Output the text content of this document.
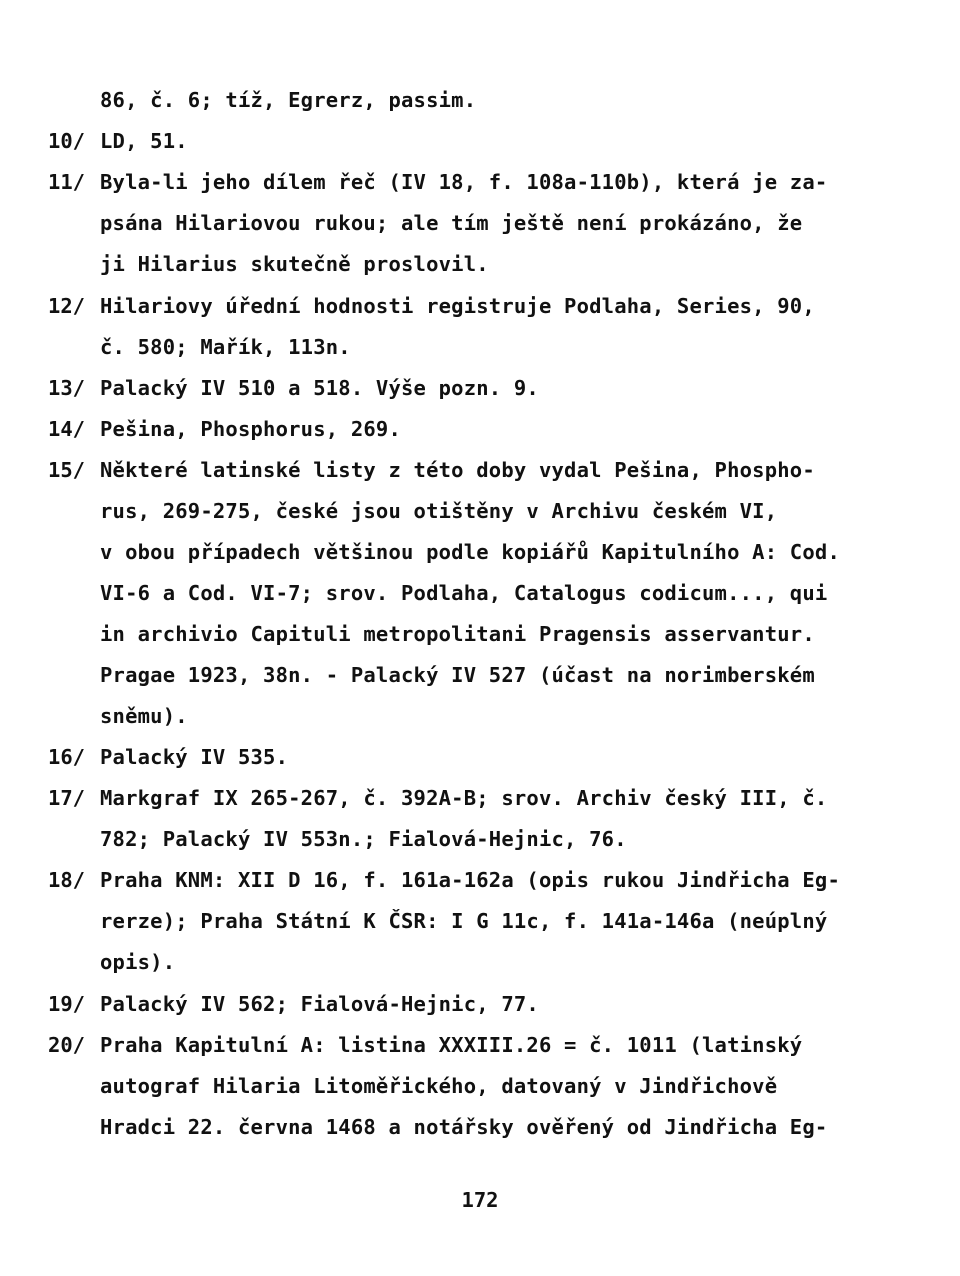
86, č. 6; tíž, Egrerz, passim.
10/ LD, 51.
11/ Byla-li jeho dílem řeč (IV 18, f. 108a-110b), která je za-
psána Hilariovou rukou; ale tím ještě není prokázáno, že
ji Hilarius skutečně proslovil.
12/ Hilariovy úřední hodnosti registruje Podlaha, Series, 90,
č. 580; Mařík, 113n.
13/ Palacký IV 510 a 518. Výše pozn. 9.
14/ Pešina, Phosphorus, 269.
15/ Některé latinské listy z této doby vydal Pešina, Phospho-
rus, 269-275, české jsou otištěny v Archivu českém VI,
v obou případech většinou podle kopiářů Kapitulního A: Cod.
VI-6 a Cod. VI-7; srov. Podlaha, Catalogus codicum..., qui
in archivio Capituli metropolitani Pragensis asservantur.
Pragae 1923, 38n. - Palacký IV 527 (účast na norimberském
sněmu).
16/ Palacký IV 535.
17/ Markgraf IX 265-267, č. 392A-B; srov. Archiv český III, č.
782; Palacký IV 553n.; Fialová-Hejnic, 76.
18/ Praha KNM: XII D 16, f. 161a-162a (opis rukou Jindřicha Eg-
rerze); Praha Státní K ČSR: I G 11c, f. 141a-146a (neúplný
opis).
19/ Palacký IV 562; Fialová-Hejnic, 77.
20/ Praha Kapitulní A: listina XXXIII.26 = č. 1011 (latinský
autograf Hilaria Litoměřického, datovaný v Jindřichově
Hradci 22. června 1468 a notářsky ověřený od Jindřicha Eg-
172
